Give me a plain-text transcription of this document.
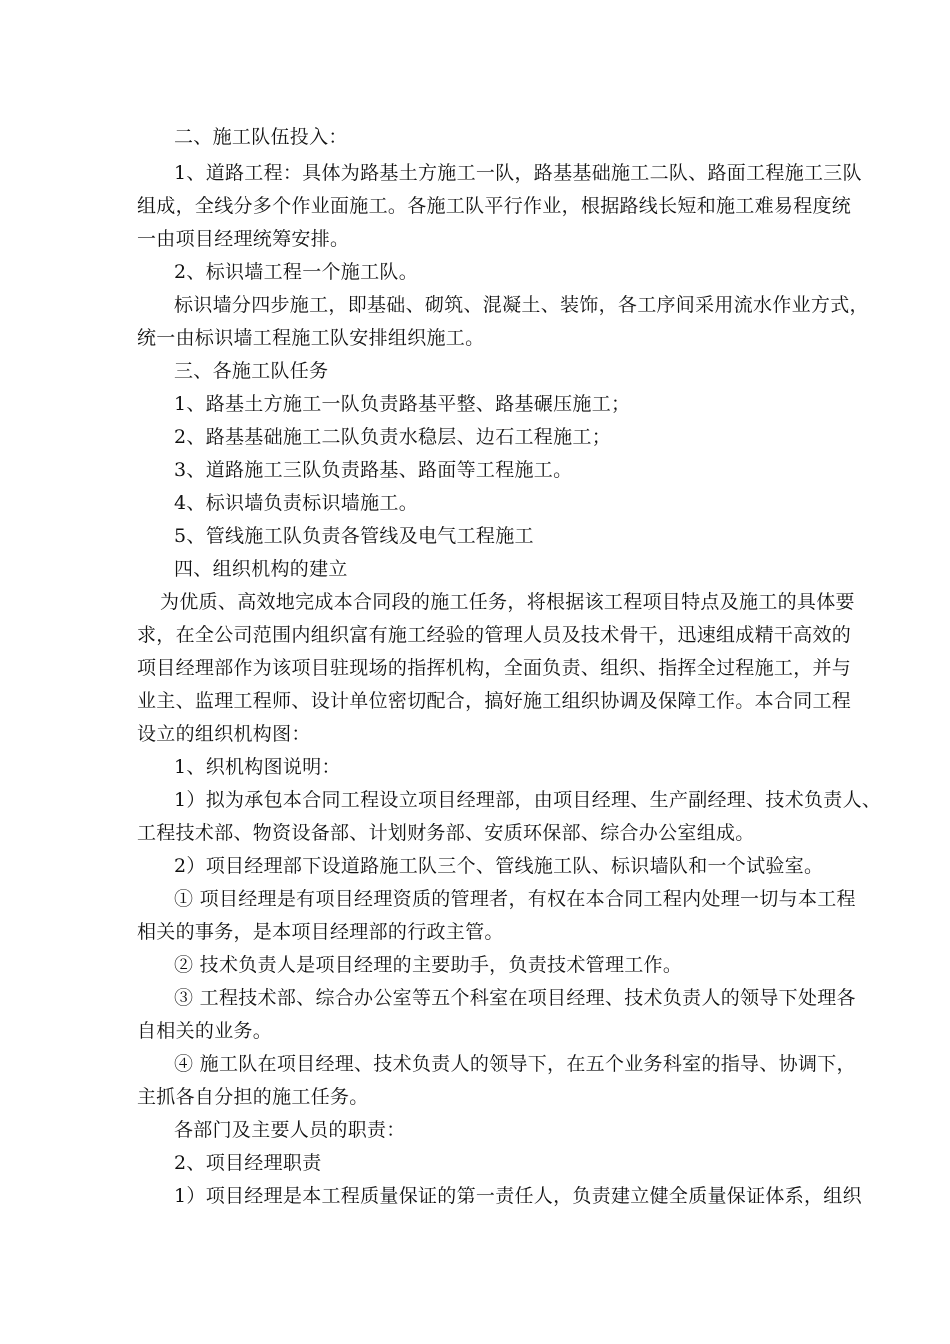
二、施工队伍投入：
1、道路工程：具体为路基土方施工一队，路基基础施工二队、路面工程施工三队
组成，全线分多个作业面施工。各施工队平行作业，根据路线长短和施工难易程度统
一由项目经理统筹安排。
2、标识墙工程一个施工队。
标识墙分四步施工，即基础、砌筑、混凝土、装饰，各工序间采用流水作业方式，
统一由标识墙工程施工队安排组织施工。
三、各施工队任务
1、路基土方施工一队负责路基平整、路基碾压施工；
2、路基基础施工二队负责水稳层、边石工程施工；
3、道路施工三队负责路基、路面等工程施工。
4、标识墙负责标识墙施工。
5、管线施工队负责各管线及电气工程施工
四、组织机构的建立
为优质、高效地完成本合同段的施工任务，将根据该工程项目特点及施工的具体要
求，在全公司范围内组织富有施工经验的管理人员及技术骨干，迅速组成精干高效的
项目经理部作为该项目驻现场的指挥机构，全面负责、组织、指挥全过程施工，并与
业主、监理工程师、设计单位密切配合，搞好施工组织协调及保障工作。本合同工程
设立的组织机构图：
1、织机构图说明：
1）拟为承包本合同工程设立项目经理部，由项目经理、生产副经理、技术负责人、
工程技术部、物资设备部、计划财务部、安质环保部、综合办公室组成。
2）项目经理部下设道路施工队三个、管线施工队、标识墙队和一个试验室。
① 项目经理是有项目经理资质的管理者，有权在本合同工程内处理一切与本工程
相关的事务，是本项目经理部的行政主管。
② 技术负责人是项目经理的主要助手，负责技术管理工作。
③ 工程技术部、综合办公室等五个科室在项目经理、技术负责人的领导下处理各
自相关的业务。
④ 施工队在项目经理、技术负责人的领导下，在五个业务科室的指导、协调下，
主抓各自分担的施工任务。
各部门及主要人员的职责：
2、项目经理职责
1）项目经理是本工程质量保证的第一责任人，负责建立健全质量保证体系，组织
